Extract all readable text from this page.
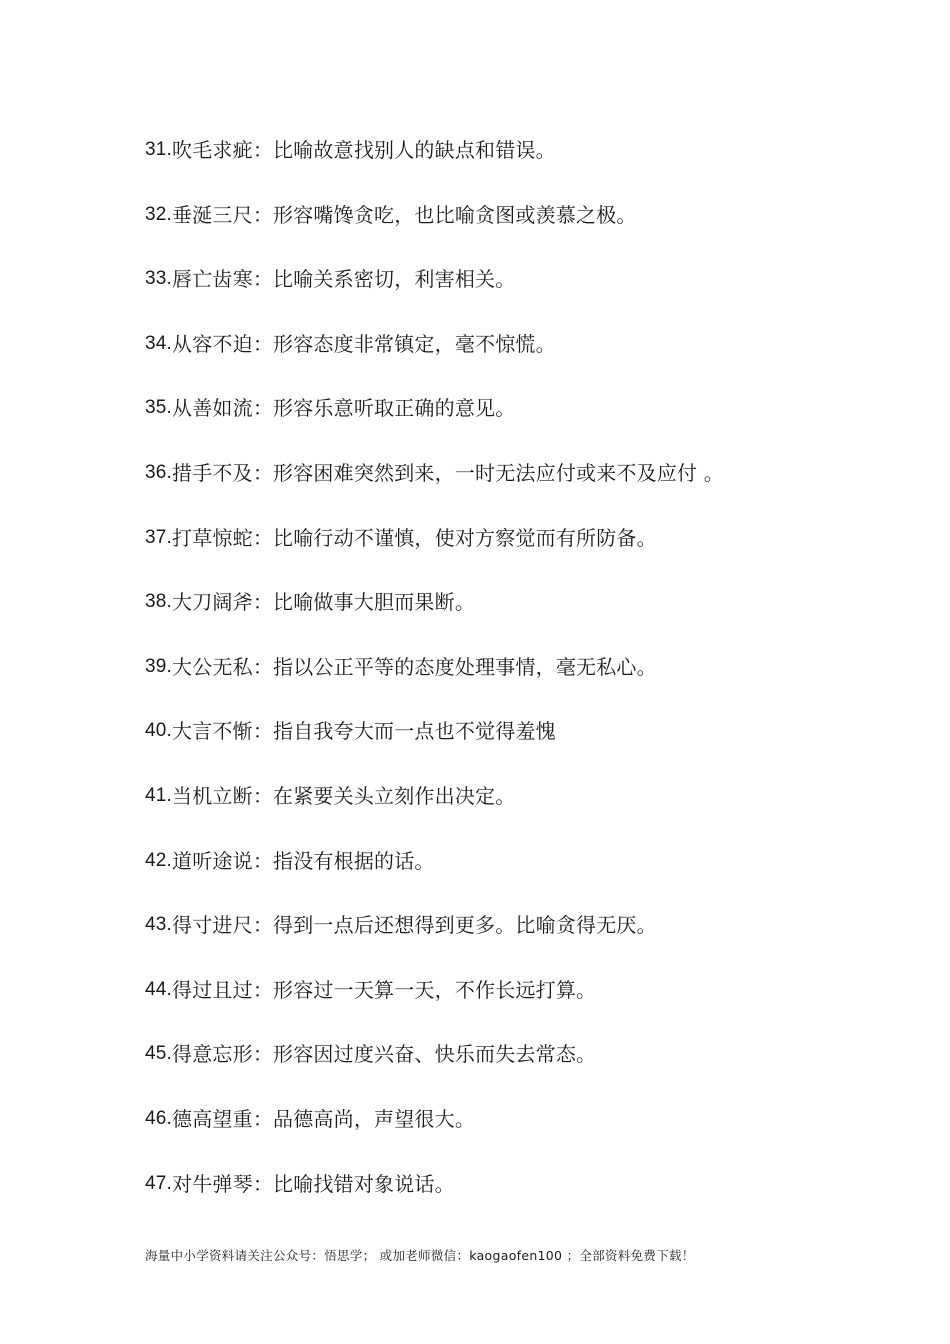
31. 吹毛求疵：比喻故意找别人的缺点和错误。
32. 垂涎三尺：形容嘴馋贪吃，也比喻贪图或羡慕之极。
33. 唇亡齿寒：比喻关系密切，利害相关。
34. 从容不迫：形容态度非常镇定，毫不惊慌。
35. 从善如流：形容乐意听取正确的意见。
36. 措手不及：形容困难突然到来，一时无法应付或来不及应付 。
37. 打草惊蛇：比喻行动不谨慎，使对方察觉而有所防备。
38. 大刀阔斧：比喻做事大胆而果断。
39. 大公无私：指以公正平等的态度处理事情，毫无私心。
40. 大言不惭：指自我夸大而一点也不觉得羞愧
41. 当机立断：在紧要关头立刻作出决定。
42. 道听途说：指没有根据的话。
43. 得寸进尺：得到一点后还想得到更多。比喻贪得无厌。
44. 得过且过：形容过一天算一天，不作长远打算。
45. 得意忘形：形容因过度兴奋、快乐而失去常态。
46. 德高望重：品德高尚，声望很大。
47. 对牛弹琴：比喻找错对象说话。
海量中小学资料请关注公众号：悟思学； 或加老师微信：kaogaofen100 ；全部资料免费下载！
